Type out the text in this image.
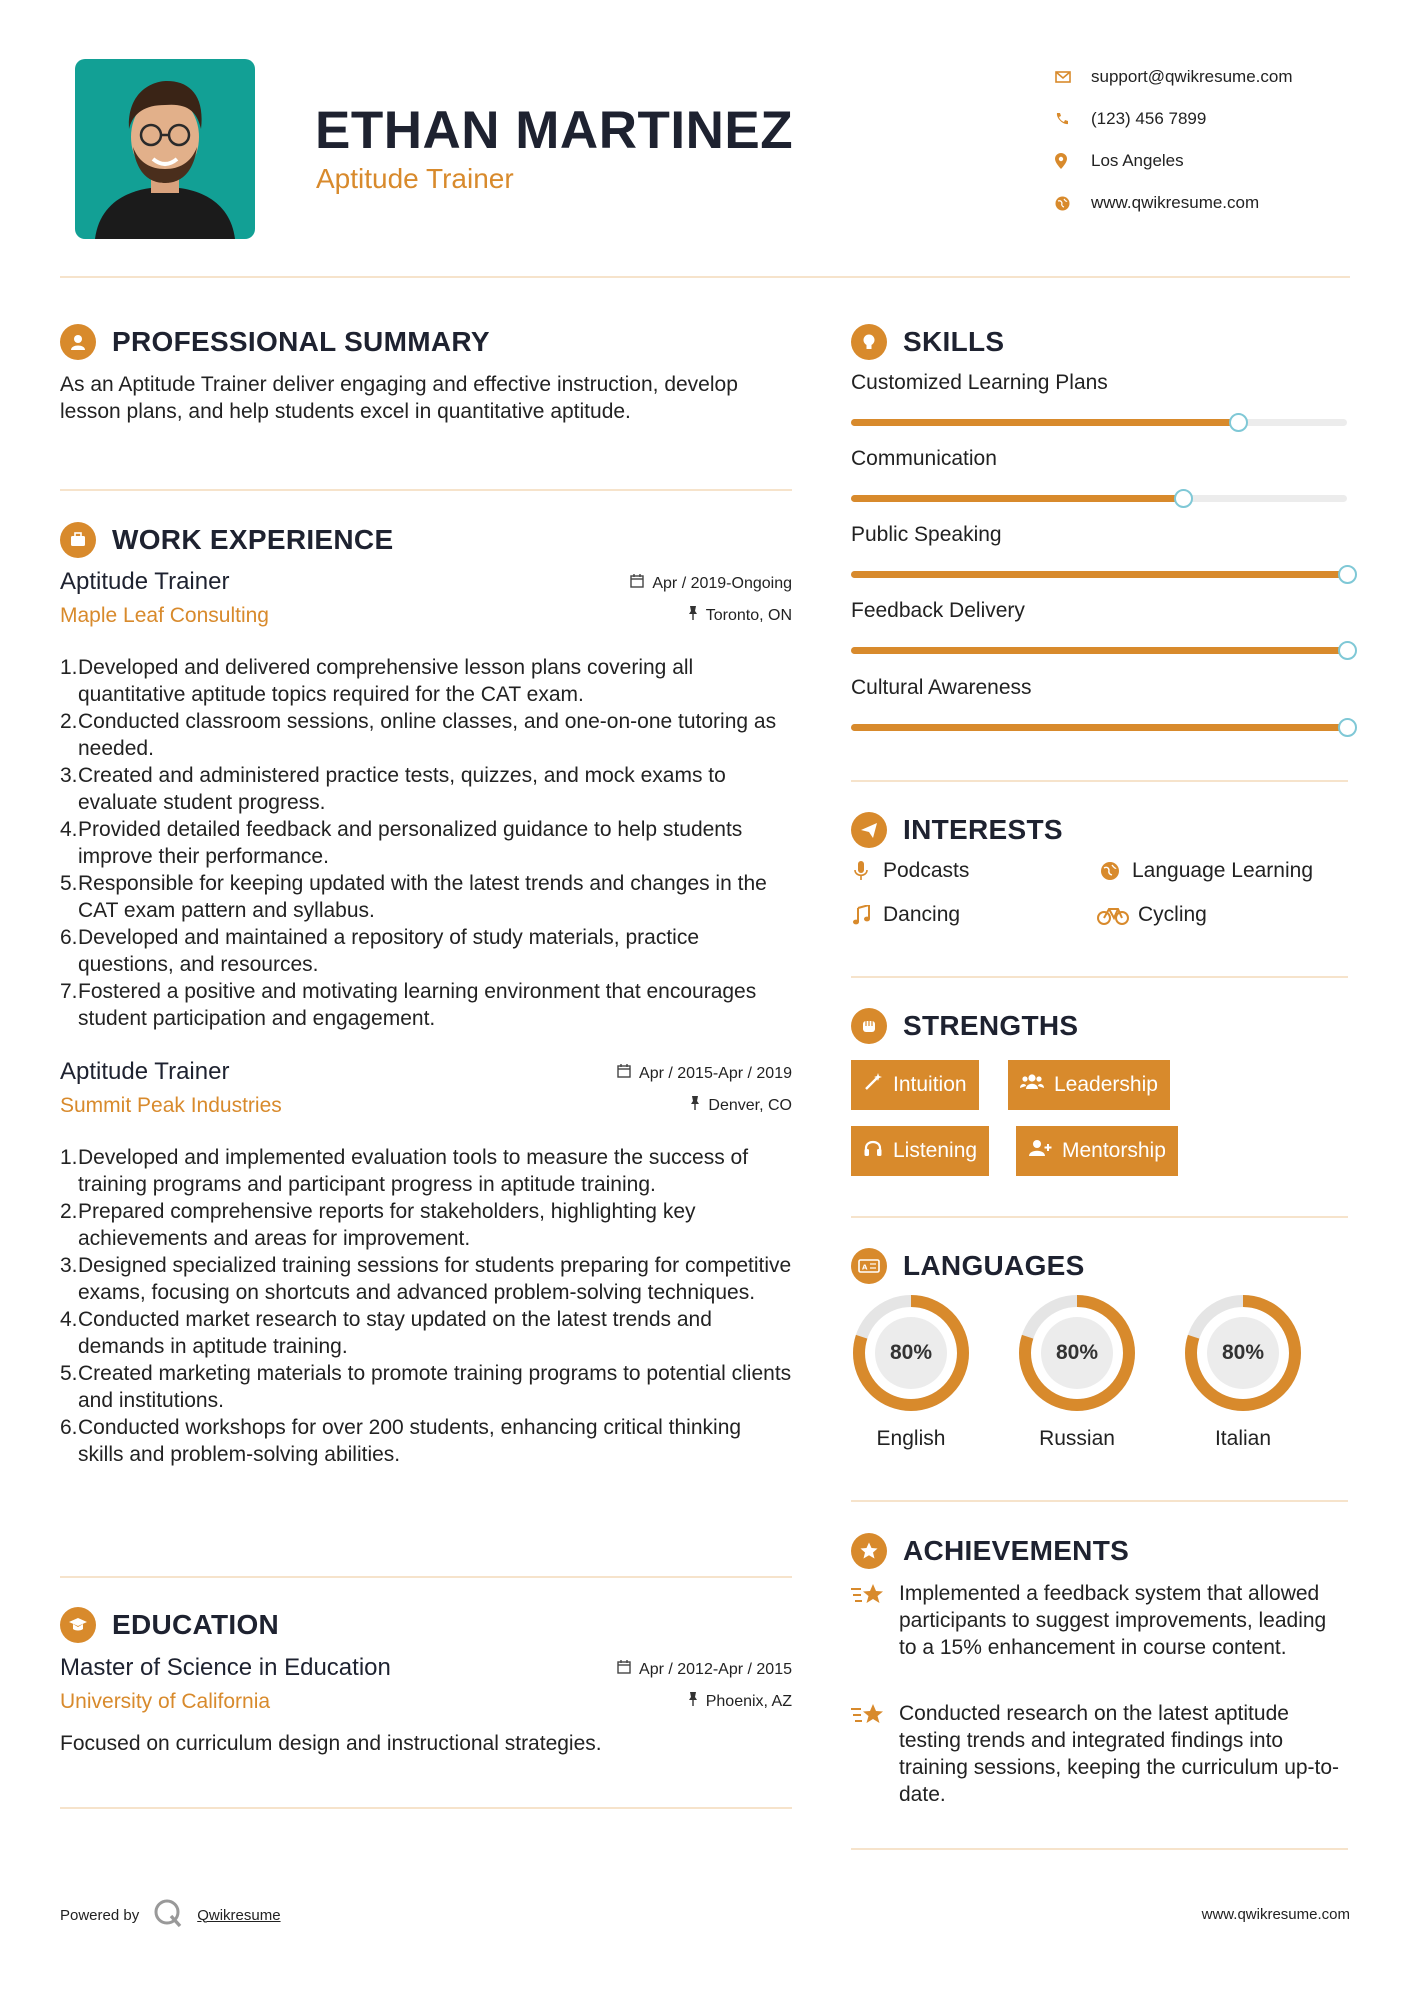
ETHAN MARTINEZ
Aptitude Trainer
support@qwikresume.com
(123) 456 7899
Los Angeles
www.qwikresume.com
PROFESSIONAL SUMMARY
As an Aptitude Trainer deliver engaging and effective instruction, develop lesson plans, and help students excel in quantitative aptitude.
WORK EXPERIENCE
Aptitude Trainer
Maple Leaf Consulting
Apr / 2019-Ongoing
Toronto, ON
1. Developed and delivered comprehensive lesson plans covering all quantitative aptitude topics required for the CAT exam.
2. Conducted classroom sessions, online classes, and one-on-one tutoring as needed.
3. Created and administered practice tests, quizzes, and mock exams to evaluate student progress.
4. Provided detailed feedback and personalized guidance to help students improve their performance.
5. Responsible for keeping updated with the latest trends and changes in the CAT exam pattern and syllabus.
6. Developed and maintained a repository of study materials, practice questions, and resources.
7. Fostered a positive and motivating learning environment that encourages student participation and engagement.
Aptitude Trainer
Summit Peak Industries
Apr / 2015-Apr / 2019
Denver, CO
1. Developed and implemented evaluation tools to measure the success of training programs and participant progress in aptitude training.
2. Prepared comprehensive reports for stakeholders, highlighting key achievements and areas for improvement.
3. Designed specialized training sessions for students preparing for competitive exams, focusing on shortcuts and advanced problem-solving techniques.
4. Conducted market research to stay updated on the latest trends and demands in aptitude training.
5. Created marketing materials to promote training programs to potential clients and institutions.
6. Conducted workshops for over 200 students, enhancing critical thinking skills and problem-solving abilities.
EDUCATION
Master of Science in Education
University of California
Apr / 2012-Apr / 2015
Phoenix, AZ
Focused on curriculum design and instructional strategies.
SKILLS
Customized Learning Plans
Communication
Public Speaking
Feedback Delivery
Cultural Awareness
INTERESTS
Podcasts	Language Learning
Dancing	Cycling
STRENGTHS
Intuition	Leadership
Listening	Mentorship
A LANGUAGES
80%
English
80%
Russian
80%
Italian
ACHIEVEMENTS
Implemented a feedback system that allowed participants to suggest improvements, leading to a 15% enhancement in course content.
Conducted research on the latest aptitude testing trends and integrated findings into training sessions, keeping the curriculum up-to-date.
Powered by	Qwikresume	www.qwikresume.com
